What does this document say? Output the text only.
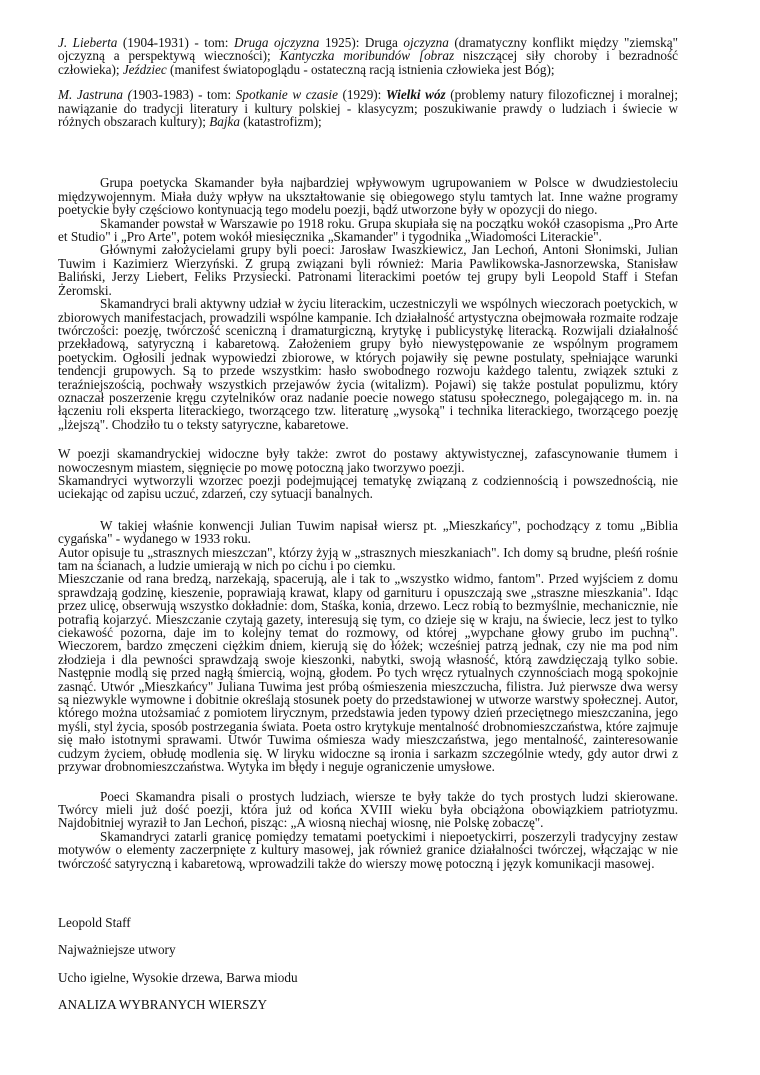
J. Lieberta (1904-1931) - tom: Druga ojczyzna 1925): Druga ojczyzna (dramatyczny konflikt między "ziemską" ojczyzną a perspektywą wieczności); Kantyczka moribundów [obraz niszczącej siły choroby i bezradność człowieka); Jeździec (manifest światopoglądu - ostateczną racją istnienia człowieka jest Bóg);

M. Jastruna (1903-1983) - tom: Spotkanie w czasie (1929): Wielki wóz (problemy natury filozoficznej i moralnej; nawiązanie do tradycji literatury i kultury polskiej - klasycyzm; poszukiwanie prawdy o ludziach i świecie w różnych obszarach kultury); Bajka (katastrofizm);

Grupa poetycka Skamander była najbardziej wpływowym ugrupowaniem w Polsce w dwudziestoleciu międzywojennym. Miała duży wpływ na ukształtowanie się obiegowego stylu tamtych lat. Inne ważne programy poetyckie były częściowo kontynuacją tego modelu poezji, bądź utworzone były w opozycji do niego.

Skamander powstał w Warszawie po 1918 roku. Grupa skupiała się na początku wokół czasopisma „Pro Arte et Studio" i „Pro Arte", potem wokół miesięcznika „Skamander" i tygodnika „Wiadomości Literackie".

Głównymi założycielami grupy byli poeci: Jarosław Iwaszkiewicz, Jan Lechoń, Antoni Słonimski, Julian Tuwim i Kazimierz Wierzyński. Z grupą związani byli również: Maria Pawlikowska-Jasnorzewska, Stanisław Baliński, Jerzy Liebert, Feliks Przysiecki. Patronami literackimi poetów tej grupy byli Leopold Staff i Stefan Żeromski.

Skamandryci brali aktywny udział w życiu literackim, uczestniczyli we wspólnych wieczorach poetyckich, w zbiorowych manifestacjach, prowadzili wspólne kampanie. Ich działalność artystyczna obejmowała rozmaite rodzaje twórczości: poezję, twórczość sceniczną i dramaturgiczną, krytykę i publicystykę literacką. Rozwijali działalność przekładową, satyryczną i kabaretową. Założeniem grupy było niewystępowanie ze wspólnym programem poetyckim. Ogłosili jednak wypowiedzi zbiorowe, w których pojawiły się pewne postulaty, spełniające warunki tendencji grupowych. Są to przede wszystkim: hasło swobodnego rozwoju każdego talentu, związek sztuki z teraźniejszością, pochwały wszystkich przejawów życia (witalizm). Pojawi) się także postulat populizmu, który oznaczał poszerzenie kręgu czytelników oraz nadanie poecie nowego statusu społecznego, polegającego m. in. na łączeniu roli eksperta literackiego, tworzącego tzw. literaturę „wysoką" i technika literackiego, tworzącego poezję „lżejszą". Chodziło tu o teksty satyryczne, kabaretowe.

W poezji skamandryckiej widoczne były także: zwrot do postawy aktywistycznej, zafascynowanie tłumem i nowoczesnym miastem, sięgnięcie po mowę potoczną jako tworzywo poezji.

Skamandryci wytworzyli wzorzec poezji podejmującej tematykę związaną z codziennością i powszednością, nie uciekając od zapisu uczuć, zdarzeń, czy sytuacji banalnych.

W takiej właśnie konwencji Julian Tuwim napisał wiersz pt. „Mieszkańcy", pochodzący z tomu „Biblia cygańska" - wydanego w 1933 roku.

Autor opisuje tu „strasznych mieszczan", którzy żyją w „strasznych mieszkaniach". Ich domy są brudne, pleśń rośnie tam na ścianach, a ludzie umierają w nich po cichu i po ciemku.

Mieszczanie od rana bredzą, narzekają, spacerują, ale i tak to „wszystko widmo, fantom". Przed wyjściem z domu sprawdzają godzinę, kieszenie, poprawiają krawat, klapy od garnituru i opuszczają swe „straszne mieszkania". Idąc przez ulicę, obserwują wszystko dokładnie: dom, Staśka, konia, drzewo. Lecz robią to bezmyślnie, mechanicznie, nie potrafią kojarzyć. Mieszczanie czytają gazety, interesują się tym, co dzieje się w kraju, na świecie, lecz jest to tylko ciekawość pozorna, daje im to kolejny temat do rozmowy, od której „wypchane głowy grubo im puchną". Wieczorem, bardzo zmęczeni ciężkim dniem, kierują się do łóżek; wcześniej patrzą jednak, czy nie ma pod nim złodzieja i dla pewności sprawdzają swoje kieszonki, nabytki, swoją własność, którą zawdzięczają tylko sobie. Następnie modlą się przed nagłą śmiercią, wojną, głodem. Po tych wręcz rytualnych czynnościach mogą spokojnie zasnąć. Utwór „Mieszkańcy" Juliana Tuwima jest próbą ośmieszenia mieszczucha, filistra. Już pierwsze dwa wersy są niezwykle wymowne i dobitnie określają stosunek poety do przedstawionej w utworze warstwy społecznej. Autor, którego można utożsamiać z pomiotem lirycznym, przedstawia jeden typowy dzień przeciętnego mieszczanina, jego myśli, styl życia, sposób postrzegania świata. Poeta ostro krytykuje mentalność drobnomieszczaństwa, które zajmuje się mało istotnymi sprawami. Utwór Tuwima ośmiesza wady mieszczaństwa, jego mentalność, zainteresowanie cudzym życiem, obłudę modlenia się. W liryku widoczne są ironia i sarkazm szczególnie wtedy, gdy autor drwi z przywar drobnomieszczaństwa. Wytyka im błędy i neguje ograniczenie umysłowe.

Poeci Skamandra pisali o prostych ludziach, wiersze te były także do tych prostych ludzi skierowane. Twórcy mieli już dość poezji, która już od końca XVIII wieku była obciążona obowiązkiem patriotyzmu. Najdobitniej wyraził to Jan Lechoń, pisząc: „A wiosną niechaj wiosnę, nie Polskę zobaczę".

Skamandryci zatarli granicę pomiędzy tematami poetyckimi i niepoetyckirri, poszerzyli tradycyjny zestaw motywów o elementy zaczerpnięte z kultury masowej, jak również granice działalności twórczej, włączając w nie twórczość satyryczną i kabaretową, wprowadzili także do wierszy mowę potoczną i język komunikacji masowej.

Leopold Staff

Najważniejsze utwory

Ucho igielne, Wysokie drzewa, Barwa miodu

ANALIZA WYBRANYCH WIERSZY
